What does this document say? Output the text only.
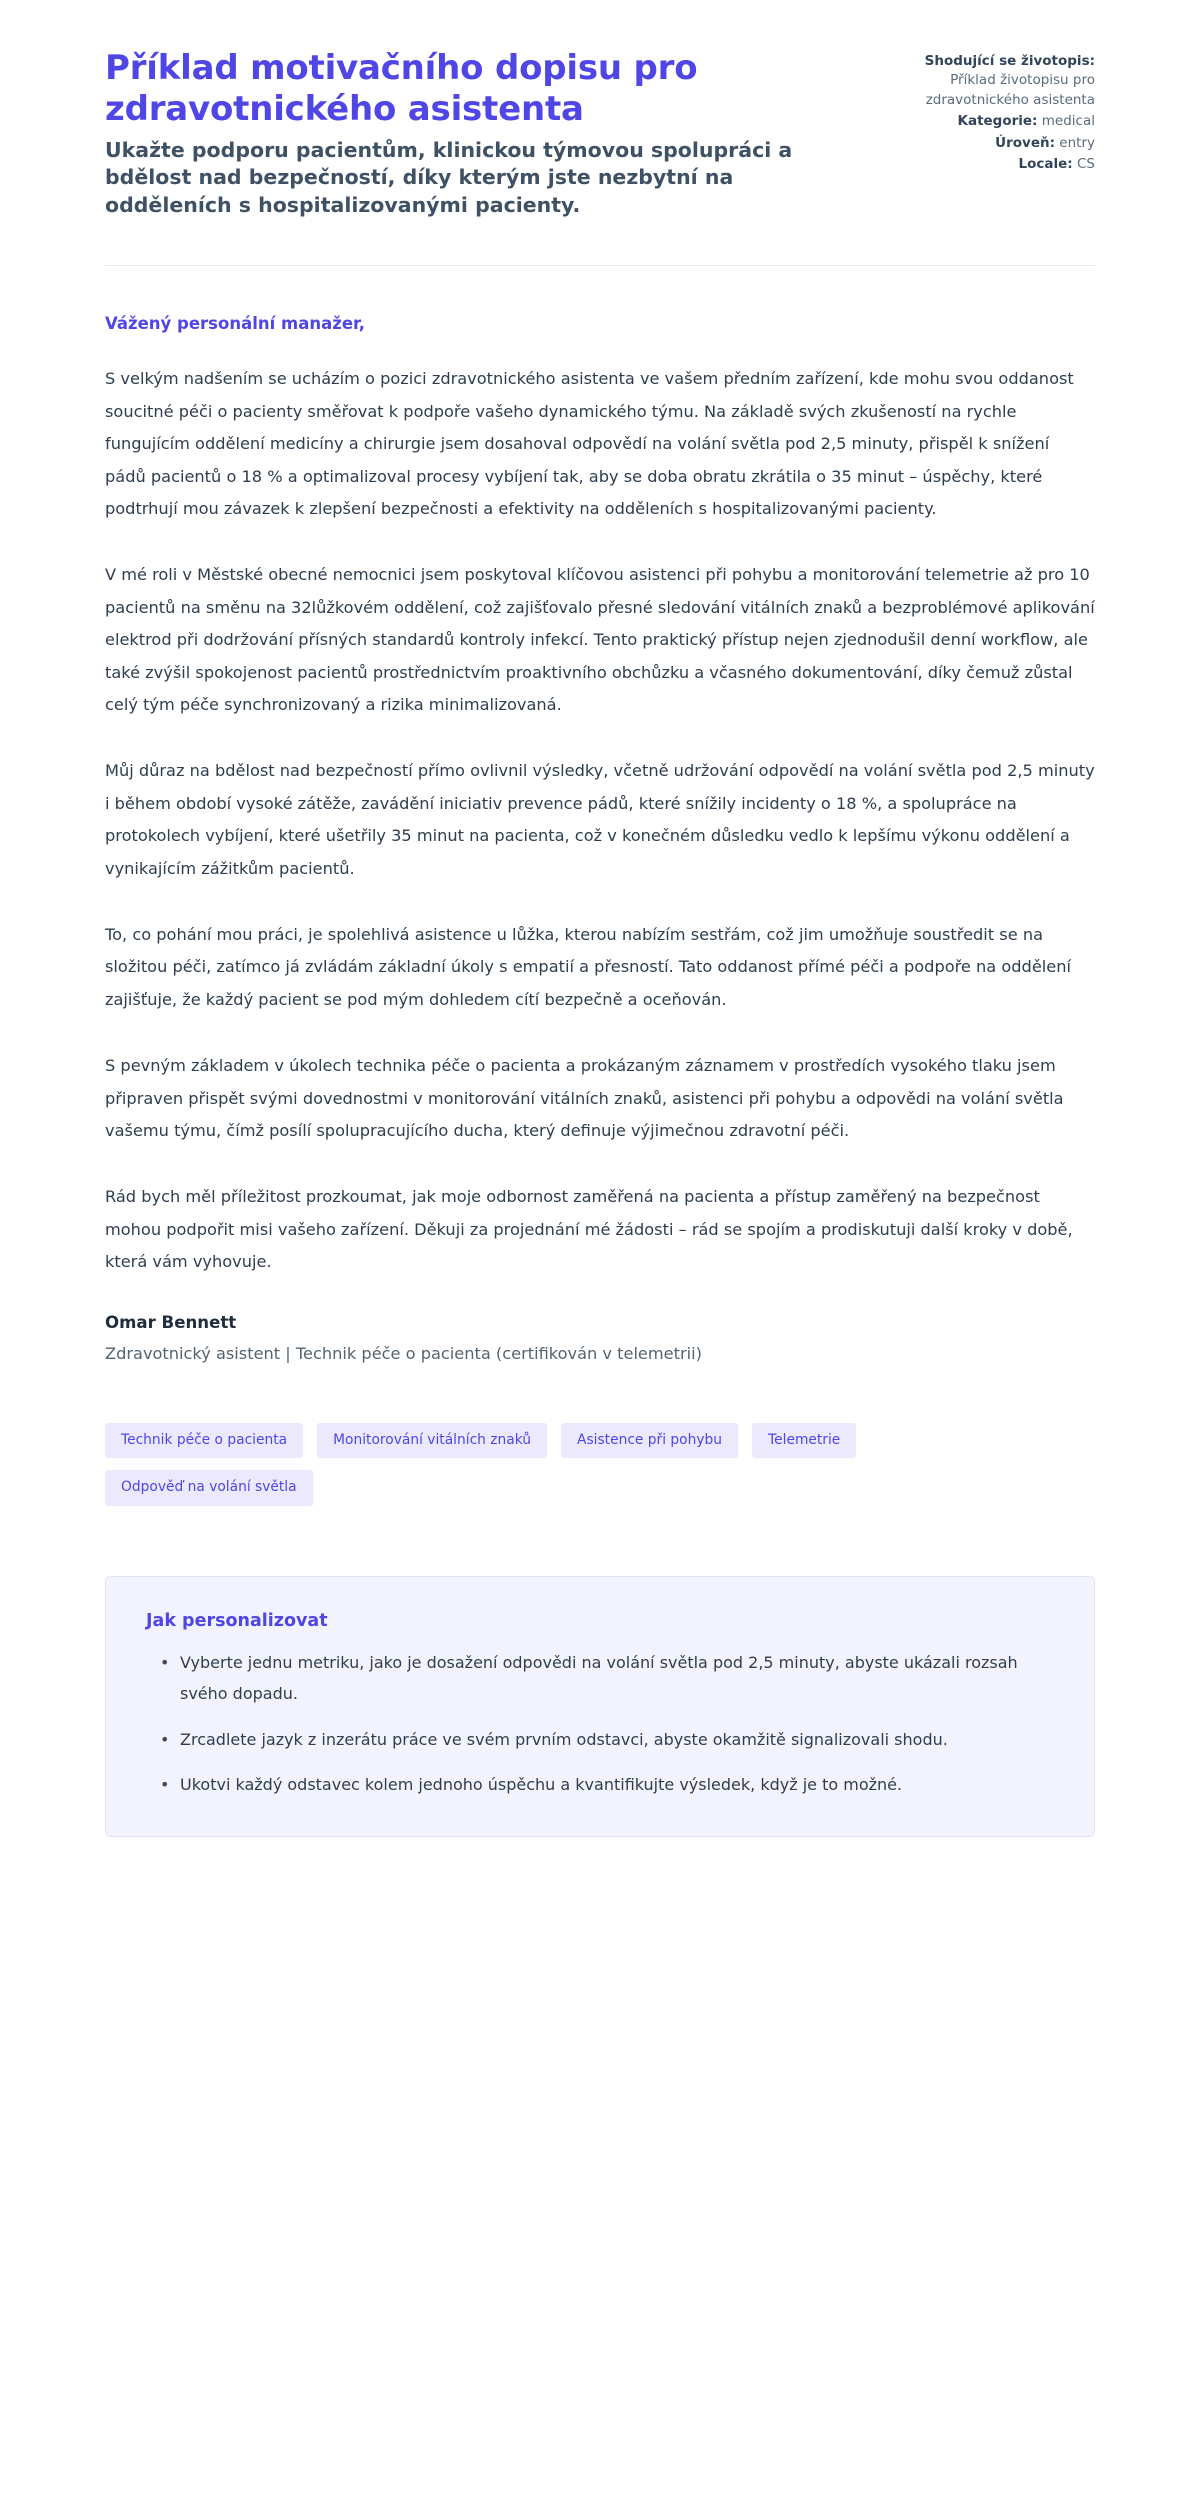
Příklad motivačního dopisu pro zdravotnického asistenta

Ukažte podporu pacientům, klinickou týmovou spolupráci a bdělost nad bezpečností, díky kterým jste nezbytní na odděleních s hospitalizovanými pacienty.

Shodující se životopis: Příklad životopisu pro zdravotnického asistenta
Kategorie: medical
Úroveň: entry
Locale: CS

Vážený personální manažer,

S velkým nadšením se ucházím o pozici zdravotnického asistenta ve vašem předním zařízení, kde mohu svou oddanost soucitné péči o pacienty směřovat k podpoře vašeho dynamického týmu. Na základě svých zkušeností na rychle fungujícím oddělení medicíny a chirurgie jsem dosahoval odpovědí na volání světla pod 2,5 minuty, přispěl k snížení pádů pacientů o 18 % a optimalizoval procesy vybíjení tak, aby se doba obratu zkrátila o 35 minut – úspěchy, které podtrhují mou závazek k zlepšení bezpečnosti a efektivity na odděleních s hospitalizovanými pacienty.

V mé roli v Městské obecné nemocnici jsem poskytoval klíčovou asistenci při pohybu a monitorování telemetrie až pro 10 pacientů na směnu na 32lůžkovém oddělení, což zajišťovalo přesné sledování vitálních znaků a bezproblémové aplikování elektrod při dodržování přísných standardů kontroly infekcí. Tento praktický přístup nejen zjednodušil denní workflow, ale také zvýšil spokojenost pacientů prostřednictvím proaktivního obchůzku a včasného dokumentování, díky čemuž zůstal celý tým péče synchronizovaný a rizika minimalizovaná.

Můj důraz na bdělost nad bezpečností přímo ovlivnil výsledky, včetně udržování odpovědí na volání světla pod 2,5 minuty i během období vysoké zátěže, zavádění iniciativ prevence pádů, které snížily incidenty o 18 %, a spolupráce na protokolech vybíjení, které ušetřily 35 minut na pacienta, což v konečném důsledku vedlo k lepšímu výkonu oddělení a vynikajícím zážitkům pacientů.

To, co pohání mou práci, je spolehlivá asistence u lůžka, kterou nabízím sestřám, což jim umožňuje soustředit se na složitou péči, zatímco já zvládám základní úkoly s empatií a přesností. Tato oddanost přímé péči a podpoře na oddělení zajišťuje, že každý pacient se pod mým dohledem cítí bezpečně a oceňován.

S pevným základem v úkolech technika péče o pacienta a prokázaným záznamem v prostředích vysokého tlaku jsem připraven přispět svými dovednostmi v monitorování vitálních znaků, asistenci při pohybu a odpovědi na volání světla vašemu týmu, čímž posílí spolupracujícího ducha, který definuje výjimečnou zdravotní péči.

Rád bych měl příležitost prozkoumat, jak moje odbornost zaměřená na pacienta a přístup zaměřený na bezpečnost mohou podpořit misi vašeho zařízení. Děkuji za projednání mé žádosti – rád se spojím a prodiskutuji další kroky v době, která vám vyhovuje.

Omar Bennett

Zdravotnický asistent | Technik péče o pacienta (certifikován v telemetrii)

Technik péče o pacienta	Monitorování vitálních znaků	Asistence při pohybu	Telemetrie
Odpověď na volání světla
Jak personalizovat
• Vyberte jednu metriku, jako je dosažení odpovědi na volání světla pod 2,5 minuty, abyste ukázali rozsah svého dopadu.
• Zrcadlete jazyk z inzerátu práce ve svém prvním odstavci, abyste okamžitě signalizovali shodu.
• Ukotvi každý odstavec kolem jednoho úspěchu a kvantifikujte výsledek, když je to možné.
